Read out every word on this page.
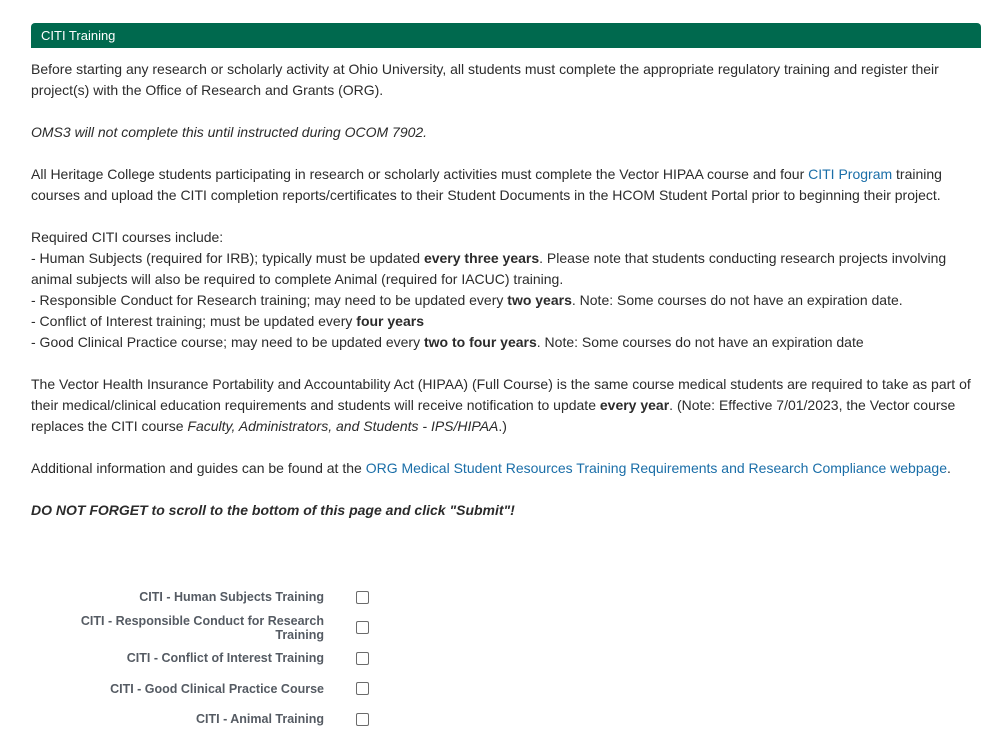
CITI Training

Before starting any research or scholarly activity at Ohio University, all students must complete the appropriate regulatory training and register their project(s) with the Office of Research and Grants (ORG).

OMS3 will not complete this until instructed during OCOM 7902.

All Heritage College students participating in research or scholarly activities must complete the Vector HIPAA course and four CITI Program training courses and upload the CITI completion reports/certificates to their Student Documents in the HCOM Student Portal prior to beginning their project.

Required CITI courses include:
- Human Subjects (required for IRB); typically must be updated every three years. Please note that students conducting research projects involving animal subjects will also be required to complete Animal (required for IACUC) training.
- Responsible Conduct for Research training; may need to be updated every two years. Note: Some courses do not have an expiration date.
- Conflict of Interest training; must be updated every four years
- Good Clinical Practice course; may need to be updated every two to four years. Note: Some courses do not have an expiration date

The Vector Health Insurance Portability and Accountability Act (HIPAA) (Full Course) is the same course medical students are required to take as part of their medical/clinical education requirements and students will receive notification to update every year. (Note: Effective 7/01/2023, the Vector course replaces the CITI course Faculty, Administrators, and Students - IPS/HIPAA.)

Additional information and guides can be found at the ORG Medical Student Resources Training Requirements and Research Compliance webpage.

DO NOT FORGET to scroll to the bottom of this page and click "Submit"!

CITI - Human Subjects Training
CITI - Responsible Conduct for Research Training
CITI - Conflict of Interest Training
CITI - Good Clinical Practice Course
CITI - Animal Training
